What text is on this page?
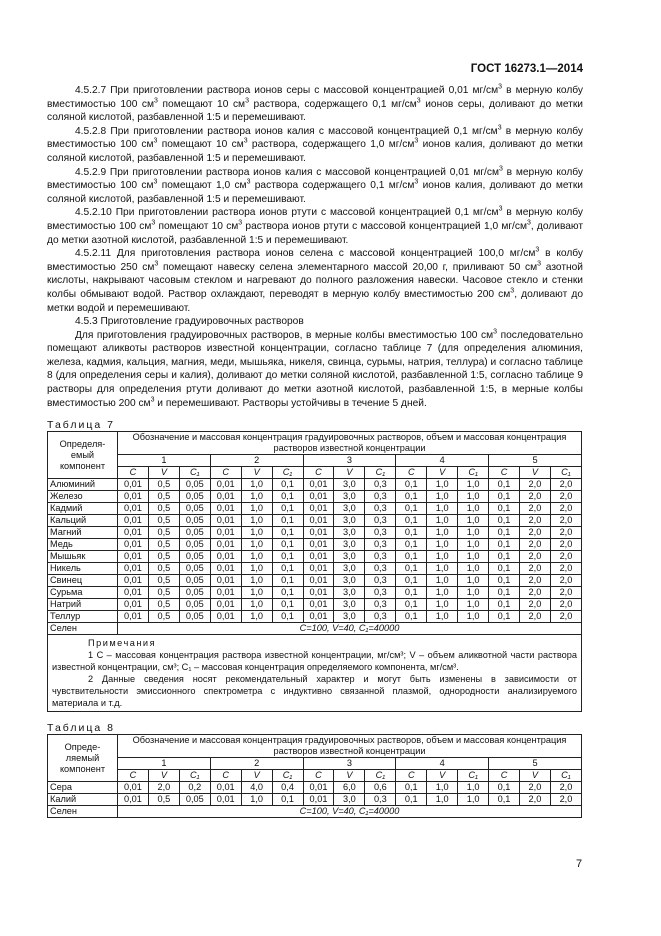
ГОСТ 16273.1—2014

4.5.2.7 При приготовлении раствора ионов серы с массовой концентрацией 0,01 $мг/см^3$ в мерную колбу вместимостью 100 $см^3$ помещают 10 $см^3$ раствора, содержащего 0,1 $мг/см^3$ ионов серы, доливают до метки соляной кислотой, разбавленной 1:5 и перемешивают.

4.5.2.8 При приготовлении раствора ионов калия с массовой концентрацией 0,1 $мг/см^3$ в мерную колбу вместимостью 100 $см^3$ помещают 10 $см^3$ раствора, содержащего 1,0 $мг/см^3$ ионов калия, доливают до метки соляной кислотой, разбавленной 1:5 и перемешивают.

4.5.2.9 При приготовлении раствора ионов калия с массовой концентрацией 0,01 $мг/см^3$ в мерную колбу вместимостью 100 $см^3$ помещают 1,0 $см^3$ раствора содержащего 0,1 $мг/см^3$ ионов калия, доливают до метки соляной кислотой, разбавленной 1:5 и перемешивают.

4.5.2.10 При приготовлении раствора ионов ртути с массовой концентрацией 0,1 $мг/см^3$ в мерную колбу вместимостью 100 $см^3$ помещают 10 $см^3$ раствора ионов ртути с массовой концентрацией 1,0 $мг/см^3$, доливают до метки азотной кислотой, разбавленной 1:5 и перемешивают.

4.5.2.11 Для приготовления раствора ионов селена с массовой концентрацией 100,0 $мг/см^3$ в колбу вместимостью 250 $см^3$ помещают навеску селена элементарного массой 20,00 г, приливают 50 $см^3$ азотной кислоты, накрывают часовым стеклом и нагревают до полного разложения навески. Часовое стекло и стенки колбы обмывают водой. Раствор охлаждают, переводят в мерную колбу вместимостью 200 $см^3$, доливают до метки водой и перемешивают.

4.5.3 Приготовление градуировочных растворов

Для приготовления градуировочных растворов, в мерные колбы вместимостью 100 $см^3$ последовательно помещают аликвоты растворов известной концентрации, согласно таблице 7 (для определения алюминия, железа, кадмия, кальция, магния, меди, мышьяка, никеля, свинца, сурьмы, натрия, теллура) и согласно таблице 8 (для определения серы и калия), доливают до метки соляной кислотой, разбавленной 1:5, согласно таблице 9 растворы для определения ртути доливают до метки азотной кислотой, разбавленной 1:5, в мерные колбы вместимостью 200 $см^3$ и перемешивают. Растворы устойчивы в течение 5 дней.

Таблица 7
Определя-емый компонент	Обозначение и массовая концентрация градуировочных растворов, объем и массовая концентрация растворов известной концентрации														
	1			2			3			4			5		
	C	V	C₁	C	V	C₁	C	V	C₁	C	V	C₁	C	V	C₁
Алюминий	0,01	0,5	0,05	0,01	1,0	0,1	0,01	3,0	0,3	0,1	1,0	1,0	0,1	2,0	2,0
Железо	0,01	0,5	0,05	0,01	1,0	0,1	0,01	3,0	0,3	0,1	1,0	1,0	0,1	2,0	2,0
Кадмий	0,01	0,5	0,05	0,01	1,0	0,1	0,01	3,0	0,3	0,1	1,0	1,0	0,1	2,0	2,0
Кальций	0,01	0,5	0,05	0,01	1,0	0,1	0,01	3,0	0,3	0,1	1,0	1,0	0,1	2,0	2,0
Магний	0,01	0,5	0,05	0,01	1,0	0,1	0,01	3,0	0,3	0,1	1,0	1,0	0,1	2,0	2,0
Медь	0,01	0,5	0,05	0,01	1,0	0,1	0,01	3,0	0,3	0,1	1,0	1,0	0,1	2,0	2,0
Мышьяк	0,01	0,5	0,05	0,01	1,0	0,1	0,01	3,0	0,3	0,1	1,0	1,0	0,1	2,0	2,0
Никель	0,01	0,5	0,05	0,01	1,0	0,1	0,01	3,0	0,3	0,1	1,0	1,0	0,1	2,0	2,0
Свинец	0,01	0,5	0,05	0,01	1,0	0,1	0,01	3,0	0,3	0,1	1,0	1,0	0,1	2,0	2,0
Сурьма	0,01	0,5	0,05	0,01	1,0	0,1	0,01	3,0	0,3	0,1	1,0	1,0	0,1	2,0	2,0
Натрий	0,01	0,5	0,05	0,01	1,0	0,1	0,01	3,0	0,3	0,1	1,0	1,0	0,1	2,0	2,0
Теллур	0,01	0,5	0,05	0,01	1,0	0,1	0,01	3,0	0,3	0,1	1,0	1,0	0,1	2,0	2,0
Селен	C=100, V=40, C₁=40000														

Примечания

1 С – массовая концентрация раствора известной концентрации, мг/см³; V – объем аликвотной части раствора известной концентрации, см³; С₁ – массовая концентрация определяемого компонента, мг/см³.

2 Данные сведения носят рекомендательный характер и могут быть изменены в зависимости от чувствительности эмиссионного спектрометра с индуктивно связанной плазмой, однородности анализируемого материала и т.д.															

Таблица 8
Опреде-ляемый компонент	Обозначение и массовая концентрация градуировочных растворов, объем и массовая концентрация растворов известной концентрации														
	1			2			3			4			5		
	C	V	C₁	C	V	C₁	C	V	C₁	C	V	C₁	C	V	C₁
Сера	0,01	2,0	0,2	0,01	4,0	0,4	0,01	6,0	0,6	0,1	1,0	1,0	0,1	2,0	2,0
Калий	0,01	0,5	0,05	0,01	1,0	0,1	0,01	3,0	0,3	0,1	1,0	1,0	0,1	2,0	2,0
Селен	C=100, V=40, C₁=40000														
7
